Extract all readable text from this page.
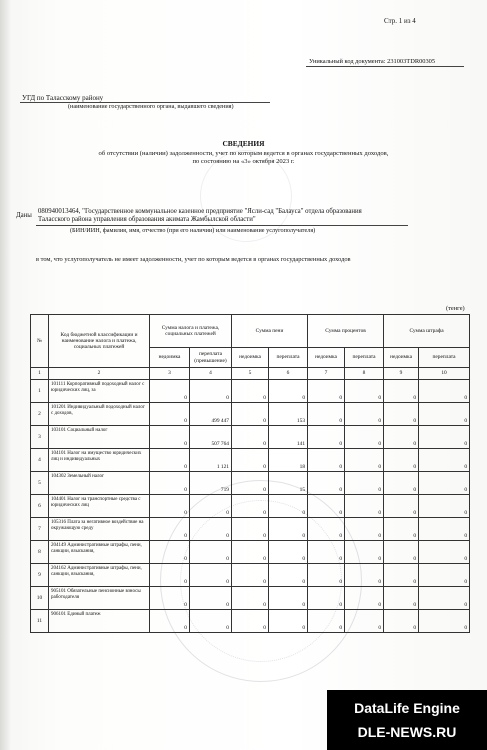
Стр. 1 из 4
Уникальный код документа: 231003TDR00305
УГД по Таласскому району
(наименование государственного органа, выдавшего сведения)
СВЕДЕНИЯ
об отсутствии (наличии) задолженности, учет по которым ведется в органах государственных доходов,
по состоянию на «3» октября 2023 г.
Даны
080940013464, "Государственное коммунальное казенное предприятие "Ясли-сад "Балауса" отдела образования
Таласского района управления образования акимата Жамбылской области"
(БИН/ИИН, фамилия, имя, отчество (при его наличии) или наименование услугополучателя)
в том, что услугополучатель не имеет задолженности, учет по которым ведется в органах государственных доходов
(тенге)
№	Код бюджетной классификации и наименование налога и платежа, социальных платежей	Сумма налога и платежа, социальных платежей		Сумма пени		Сумма процентов		Сумма штрафа	
		недоимка	переплата (превышение)	недоимка	переплата	недоимка	переплата	недоимка	переплата
1	2	3	4	5	6	7	8	9	10
1	101111 Корпоративный подоходный налог с юридических лиц, за	0	0	0	0	0	0	0	0
2	101201 Индивидуальный подоходный налог с доходов,	0	499 447	0	153	0	0	0	0
3	103101 Социальный налог	0	507 764	0	141	0	0	0	0
4	104101 Налог на имущество юридических лиц и индивидуальных	0	1 121	0	18	0	0	0	0
5	104302 Земельный налог	0	719	0	15	0	0	0	0
6	104401 Налог на транспортные средства с юридических лиц	0	0	0	0	0	0	0	0
7	105316 Плата за негативное воздействие на окружающую среду	0	0	0	0	0	0	0	0
8	204149 Административные штрафы, пени, санкции, взыскания,	0	0	0	0	0	0	0	0
9	204162 Административные штрафы, пени, санкции, взыскания,	0	0	0	0	0	0	0	0
10	905101 Обязательные пенсионные взносы работодателя	0	0	0	0	0	0	0	0
11	906101 Единый платеж	0	0	0	0	0	0	0	0
DataLife Engine
DLE-NEWS.RU
